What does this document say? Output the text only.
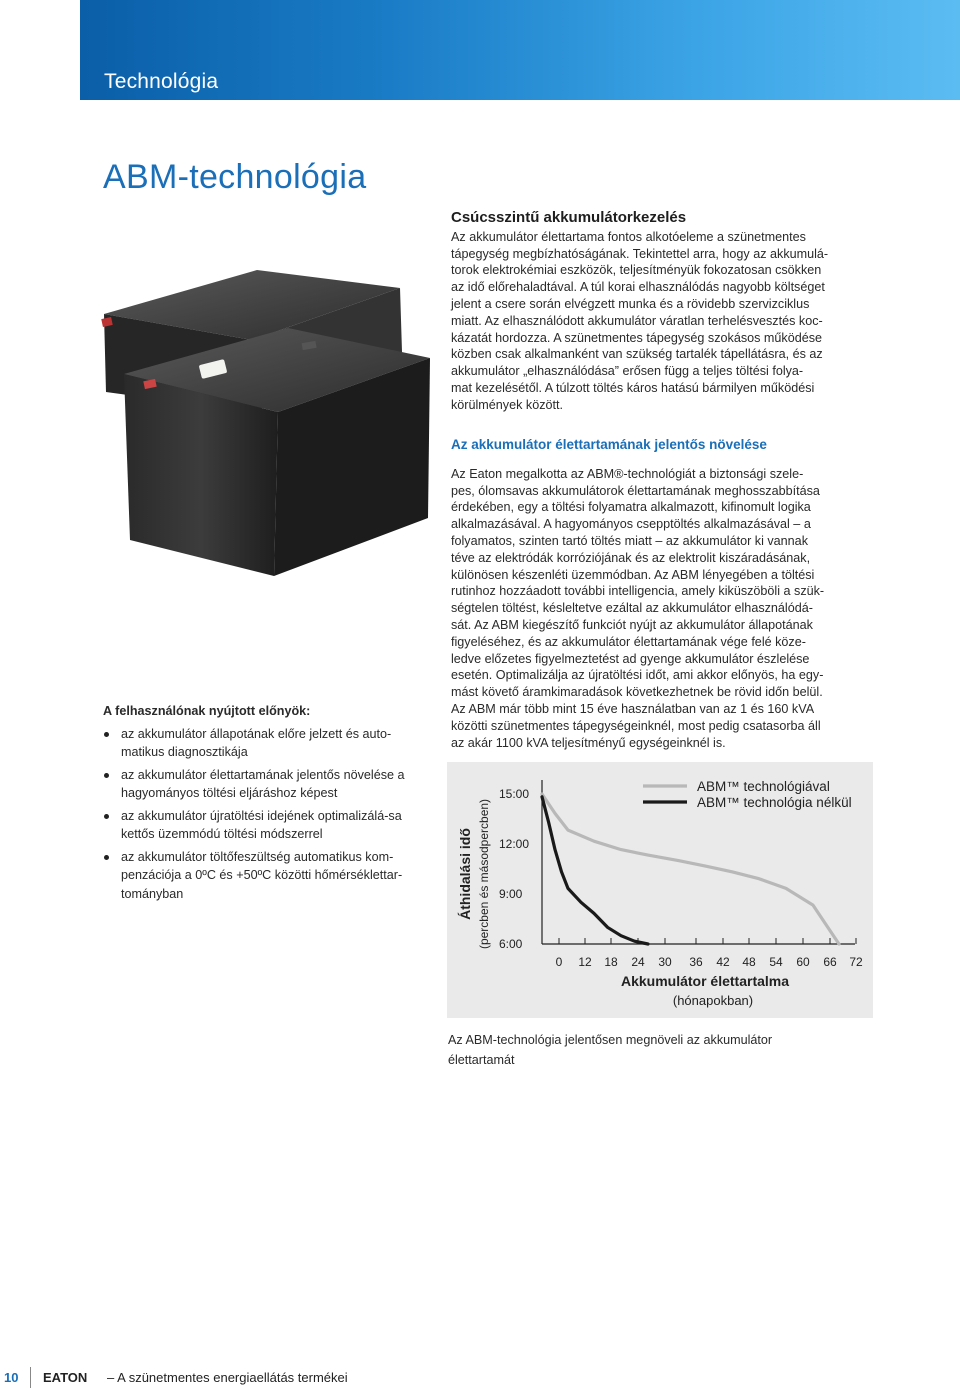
Technológia
ABM-technológia

Csúcsszintű akkumulátorkezelés

Az akkumulátor élettartama fontos alkotóeleme a szünetmentes

tápegység megbízhatóságának. Tekintettel arra, hogy az akkumulá-

torok elektrokémiai eszközök, teljesítményük fokozatosan csökken

az idő előrehaladtával. A túl korai elhasználódás nagyobb költséget

jelent a csere során elvégzett munka és a rövidebb szervizciklus

miatt. Az elhasználódott akkumulátor váratlan terhelésvesztés koc-

kázatát hordozza. A szünetmentes tápegység szokásos működése

közben csak alkalmanként van szükség tartalék tápellátásra, és az

akkumulátor „elhasználódása” erősen függ a teljes töltési folya-

mat kezelésétől. A túlzott töltés káros hatású bármilyen működési

körülmények között.

Az akkumulátor élettartamának jelentős növelése

Az Eaton megalkotta az ABM®-technológiát a biztonsági szele-

pes, ólomsavas akkumulátorok élettartamának meghosszabbítása

érdekében, egy a töltési folyamatra alkalmazott, kifinomult logika

alkalmazásával. A hagyományos csepptöltés alkalmazásával – a

folyamatos, szinten tartó töltés miatt – az akkumulátor ki vannak

téve az elektródák korróziójának és az elektrolit kiszáradásának,

különösen készenléti üzemmódban. Az ABM lényegében a töltési

rutinhoz hozzáadott további intelligencia, amely kiküszöböli a szük-

ségtelen töltést, késleltetve ezáltal az akkumulátor elhasználódá-

sát. Az ABM kiegészítő funkciót nyújt az akkumulátor állapotának

figyeléséhez, és az akkumulátor élettartamának vége felé köze-

ledve előzetes figyelmeztetést ad gyenge akkumulátor észlelése

esetén. Optimalizálja az újratöltési időt, ami akkor előnyös, ha egy-

mást követő áramkimaradások következhetnek be rövid időn belül.

Az ABM már több mint 15 éve használatban van az 1 és 160 kVA

közötti szünetmentes tápegységeinknél, most pedig csatasorba áll

az akár 1100 kVA teljesítményű egységeinknél is.

A felhasználónak nyújtott előnyök:
az akkumulátor állapotának előre jelzett és auto-matikus diagnosztikája
az akkumulátor élettartamának jelentős növelése a hagyományos töltési eljáráshoz képest
az akkumulátor újratöltési idejének optimalizálá-sa kettős üzemmódú töltési módszerrel
az akkumulátor töltőfeszültség automatikus kom-penzációja a 0ºC és +50ºC közötti hőmérséklettar-tományban
15:00
12:00
9:00
6:00
0 12 18 24 30 36 42 48 54 60 66 72
ABM™ technológiával
ABM™ technológia nélkül
Akkumulátor élettartalma
(hónapokban)
Áthidalási idő (percben és másodpercben)
Az ABM-technológia jelentősen megnöveli az akkumulátor
élettartamát
10 EATON – A szünetmentes energiaellátás termékei
